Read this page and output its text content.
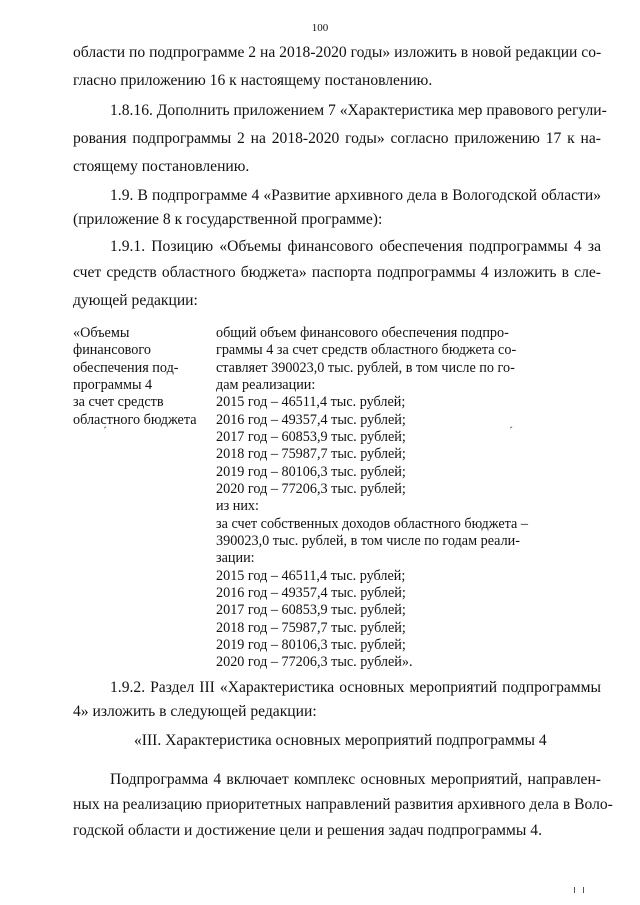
100
области по подпрограмме 2 на 2018-2020 годы» изложить в новой редакции со-
гласно приложению 16 к настоящему постановлению.
1.8.16. Дополнить приложением 7 «Характеристика мер правового регули-
рования подпрограммы 2 на 2018-2020 годы» согласно приложению 17 к на-
стоящему постановлению.
1.9. В подпрограмме 4 «Развитие архивного дела в Вологодской области»
(приложение 8 к государственной программе):
1.9.1. Позицию «Объемы финансового обеспечения подпрограммы 4 за
счет средств областного бюджета» паспорта подпрограммы 4 изложить в сле-
дующей редакции:
«Объемы
финансового
обеспечения под-
программы 4
за счет средств
областного бюджета
ˊ
общий объем финансового обеспечения подпро-
граммы 4 за счет средств областного бюджета со-
ставляет 390023,0 тыс. рублей, в том числе по го-
дам реализации:
2015 год – 46511,4 тыс. рублей;
2016 год – 49357,4 тыс. рублей;
2017 год – 60853,9 тыс. рублей;
2018 год – 75987,7 тыс. рублей;
2019 год – 80106,3 тыс. рублей;
2020 год – 77206,3 тыс. рублей;
из них:
за счет собственных доходов областного бюджета –
390023,0 тыс. рублей, в том числе по годам реали-
зации:
2015 год – 46511,4 тыс. рублей;
2016 год – 49357,4 тыс. рублей;
2017 год – 60853,9 тыс. рублей;
2018 год – 75987,7 тыс. рублей;
2019 год – 80106,3 тыс. рублей;
2020 год – 77206,3 тыс. рублей».
ˊ
1.9.2. Раздел III «Характеристика основных мероприятий подпрограммы
4» изложить в следующей редакции:
«III. Характеристика основных мероприятий подпрограммы 4
Подпрограмма 4 включает комплекс основных мероприятий, направлен-
ных на реализацию приоритетных направлений развития архивного дела в Воло-
годской области и достижение цели и решения задач подпрограммы 4.
